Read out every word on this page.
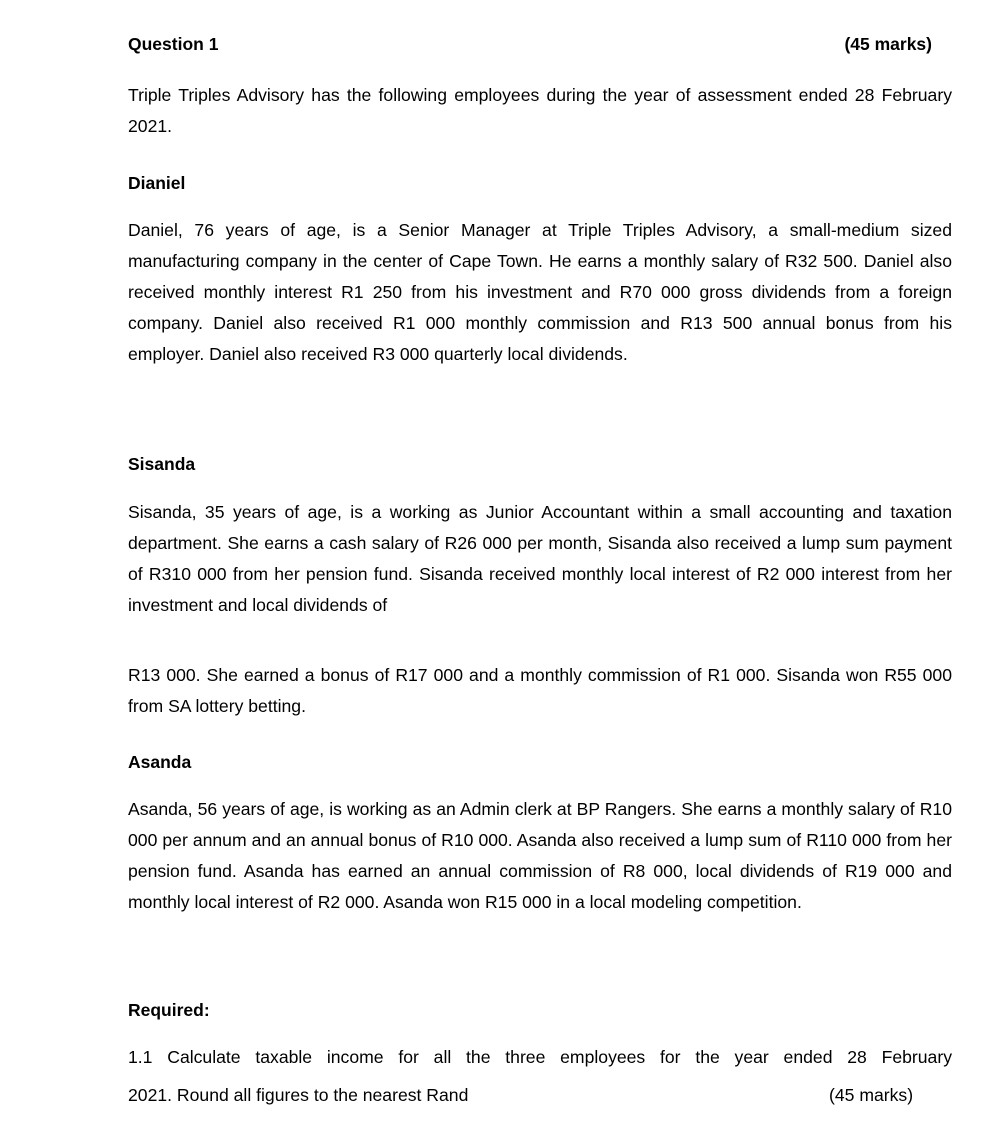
Question 1	(45 marks)

Triple Triples Advisory has the following employees during the year of assessment ended 28 February 2021.

Dianiel

Daniel, 76 years of age, is a Senior Manager at Triple Triples Advisory, a small-medium sized manufacturing company in the center of Cape Town. He earns a monthly salary of R32 500. Daniel also received monthly interest R1 250 from his investment and R70 000 gross dividends from a foreign company. Daniel also received R1 000 monthly commission and R13 500 annual bonus from his employer. Daniel also received R3 000 quarterly local dividends.

Sisanda

Sisanda, 35 years of age, is a working as Junior Accountant within a small accounting and taxation department. She earns a cash salary of R26 000 per month, Sisanda also received a lump sum payment of R310 000 from her pension fund. Sisanda received monthly local interest of R2 000 interest from her investment and local dividends of

R13 000. She earned a bonus of R17 000 and a monthly commission of R1 000. Sisanda won R55 000 from SA lottery betting.

Asanda

Asanda, 56 years of age, is working as an Admin clerk at BP Rangers. She earns a monthly salary of R10 000 per annum and an annual bonus of R10 000. Asanda also received a lump sum of R110 000 from her pension fund. Asanda has earned an annual commission of R8 000, local dividends of R19 000 and monthly local interest of R2 000. Asanda won R15 000 in a local modeling competition.

Required:

1.1 Calculate taxable income for all the three employees for the year ended 28 February
2021. Round all figures to the nearest Rand	(45 marks)
